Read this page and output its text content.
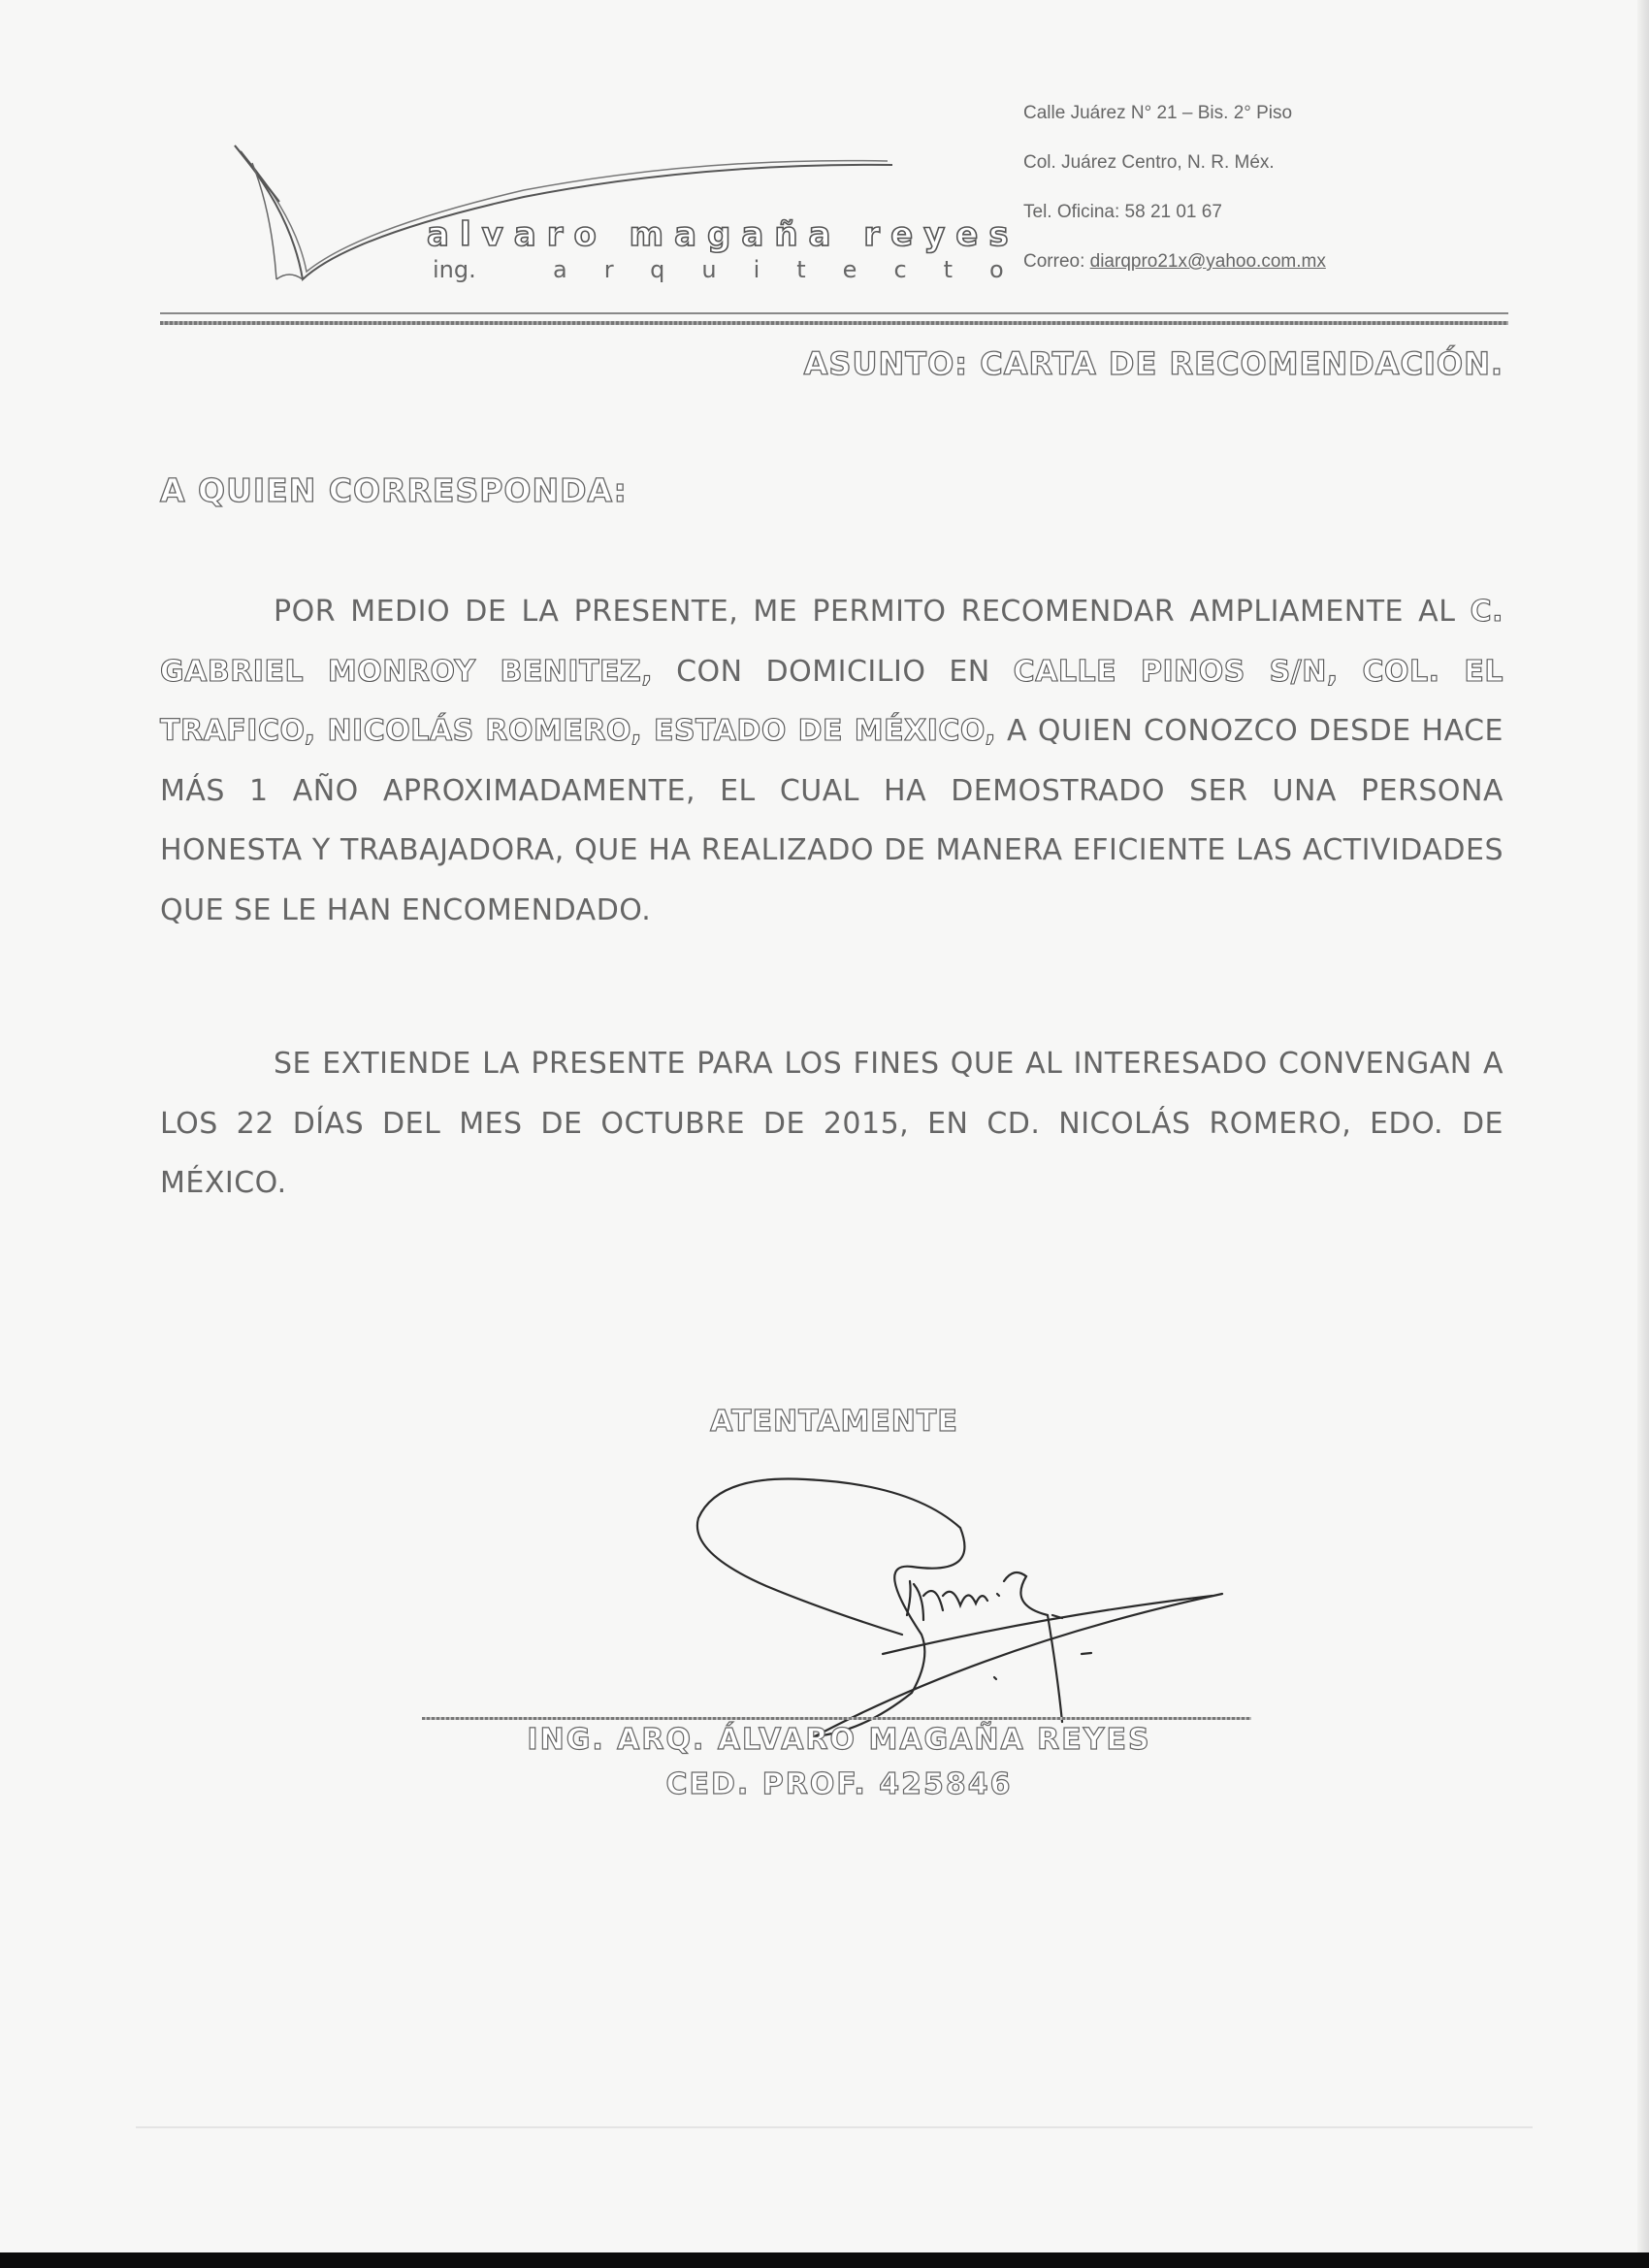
alvaro magaña reyes
ing.	arquitecto
Calle Juárez N° 21 – Bis. 2° Piso
Col. Juárez Centro, N. R. Méx.
Tel. Oficina: 58 21 01 67
Correo: diarqpro21x@yahoo.com.mx
ASUNTO: CARTA DE RECOMENDACIÓN.
A QUIEN CORRESPONDA:
POR MEDIO DE LA PRESENTE, ME PERMITO RECOMENDAR AMPLIAMENTE AL C. GABRIEL MONROY BENITEZ, CON DOMICILIO EN CALLE PINOS S/N, COL. EL TRAFICO, NICOLÁS ROMERO, ESTADO DE MÉXICO, A QUIEN CONOZCO DESDE HACE MÁS 1 AÑO APROXIMADAMENTE, EL CUAL HA DEMOSTRADO SER UNA PERSONA HONESTA Y TRABAJADORA, QUE HA REALIZADO DE MANERA EFICIENTE LAS ACTIVIDADES QUE SE LE HAN ENCOMENDADO.
SE EXTIENDE LA PRESENTE PARA LOS FINES QUE AL INTERESADO CONVENGAN A LOS 22 DÍAS DEL MES DE OCTUBRE DE 2015, EN CD. NICOLÁS ROMERO, EDO. DE MÉXICO.
ATENTAMENTE
ING. ARQ. ÁLVARO MAGAÑA REYES
CED. PROF. 425846
